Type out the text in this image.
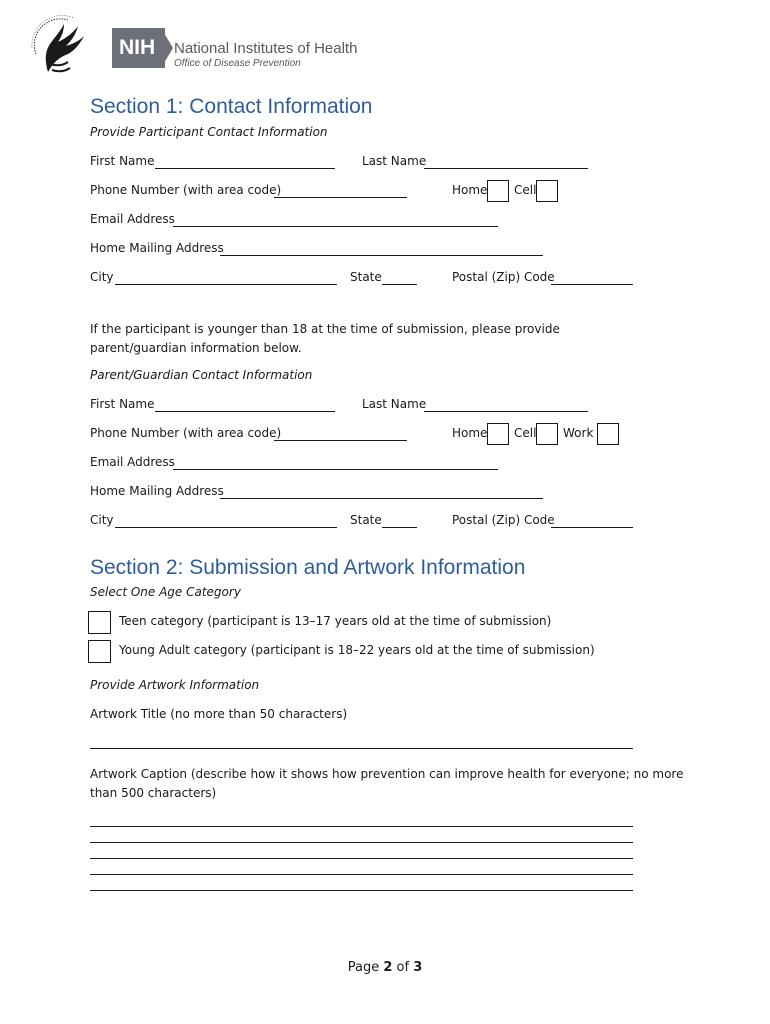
NIH	National Institutes of Health
Office of Disease Prevention
Section 1: Contact Information
Provide Participant Contact Information
First Name	Last Name
Phone Number (with area code)	Home Cell
Email Address
Home Mailing Address
City	State	Postal (Zip) Code
If the participant is younger than 18 at the time of submission, please provide parent/guardian information below.
Parent/Guardian Contact Information
First Name	Last Name
Phone Number (with area code)	Home Cell Work
Email Address
Home Mailing Address
City	State	Postal (Zip) Code
Section 2: Submission and Artwork Information
Select One Age Category
Teen category (participant is 13–17 years old at the time of submission)
Young Adult category (participant is 18–22 years old at the time of submission)
Provide Artwork Information
Artwork Title (no more than 50 characters)
Artwork Caption (describe how it shows how prevention can improve health for everyone; no more than 500 characters)
Page 2 of 3
